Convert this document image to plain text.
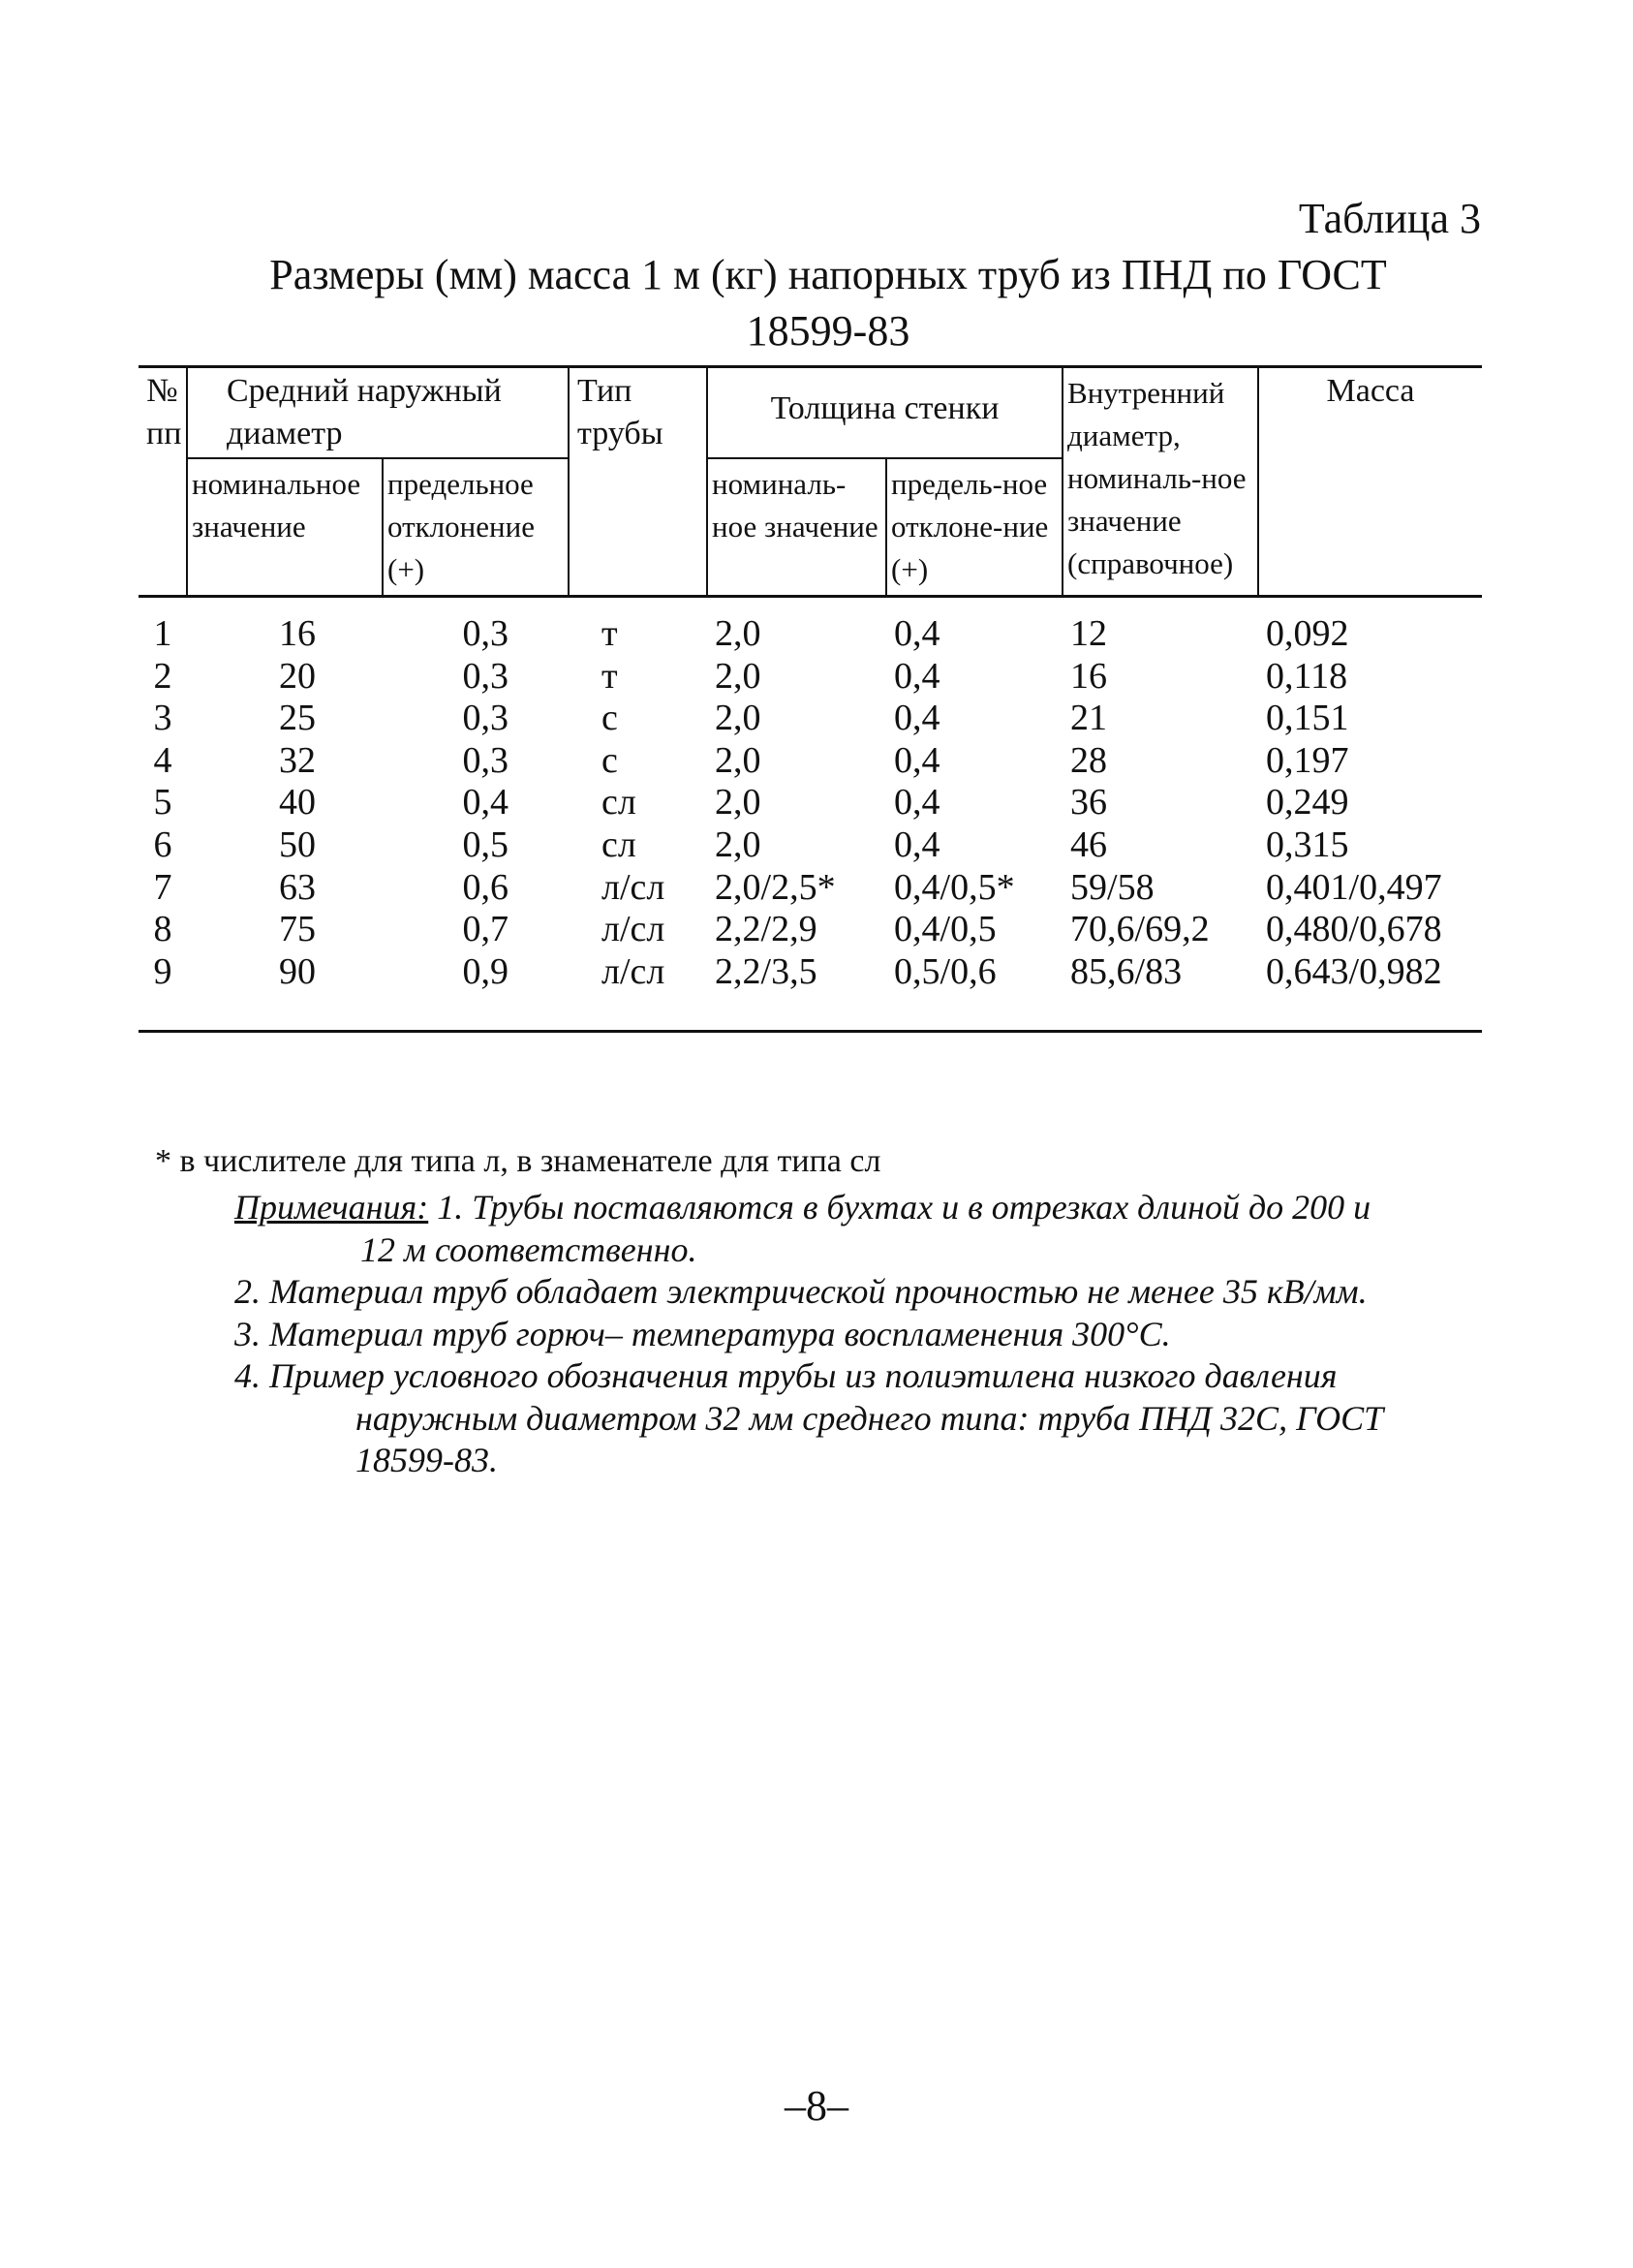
Таблица 3
Размеры (мм) масса 1 м (кг) напорных труб из ПНД по ГОСТ
18599-83
№ пп	Средний наружный диаметр		Тип трубы	Толщина стенки		Внутренний диаметр, номиналь-ное значение (справочное)	Масса
	номинальное значение	предельное отклонение (+)		номиналь-ное значение	предель-ное отклоне-ние (+)		
1	16	0,3	т	2,0	0,4	12	0,092
2	20	0,3	т	2,0	0,4	16	0,118
3	25	0,3	с	2,0	0,4	21	0,151
4	32	0,3	с	2,0	0,4	28	0,197
5	40	0,4	сл	2,0	0,4	36	0,249
6	50	0,5	сл	2,0	0,4	46	0,315
7	63	0,6	л/сл	2,0/2,5*	0,4/0,5*	59/58	0,401/0,497
8	75	0,7	л/сл	2,2/2,9	0,4/0,5	70,6/69,2	0,480/0,678
9	90	0,9	л/сл	2,2/3,5	0,5/0,6	85,6/83	0,643/0,982
* в числителе для типа л, в знаменателе для типа сл

Примечания: 1. Трубы поставляются в бухтах и в отрезках длиной до 200 и

12 м соответственно.

2. Материал труб обладает электрической прочностью не менее 35 кВ/мм.

3. Материал труб горюч– температура воспламенения 300°С.

4. Пример условного обозначения трубы из полиэтилена низкого давления

наружным диаметром 32 мм среднего типа: труба ПНД 32С, ГОСТ

18599-83.

–8–
